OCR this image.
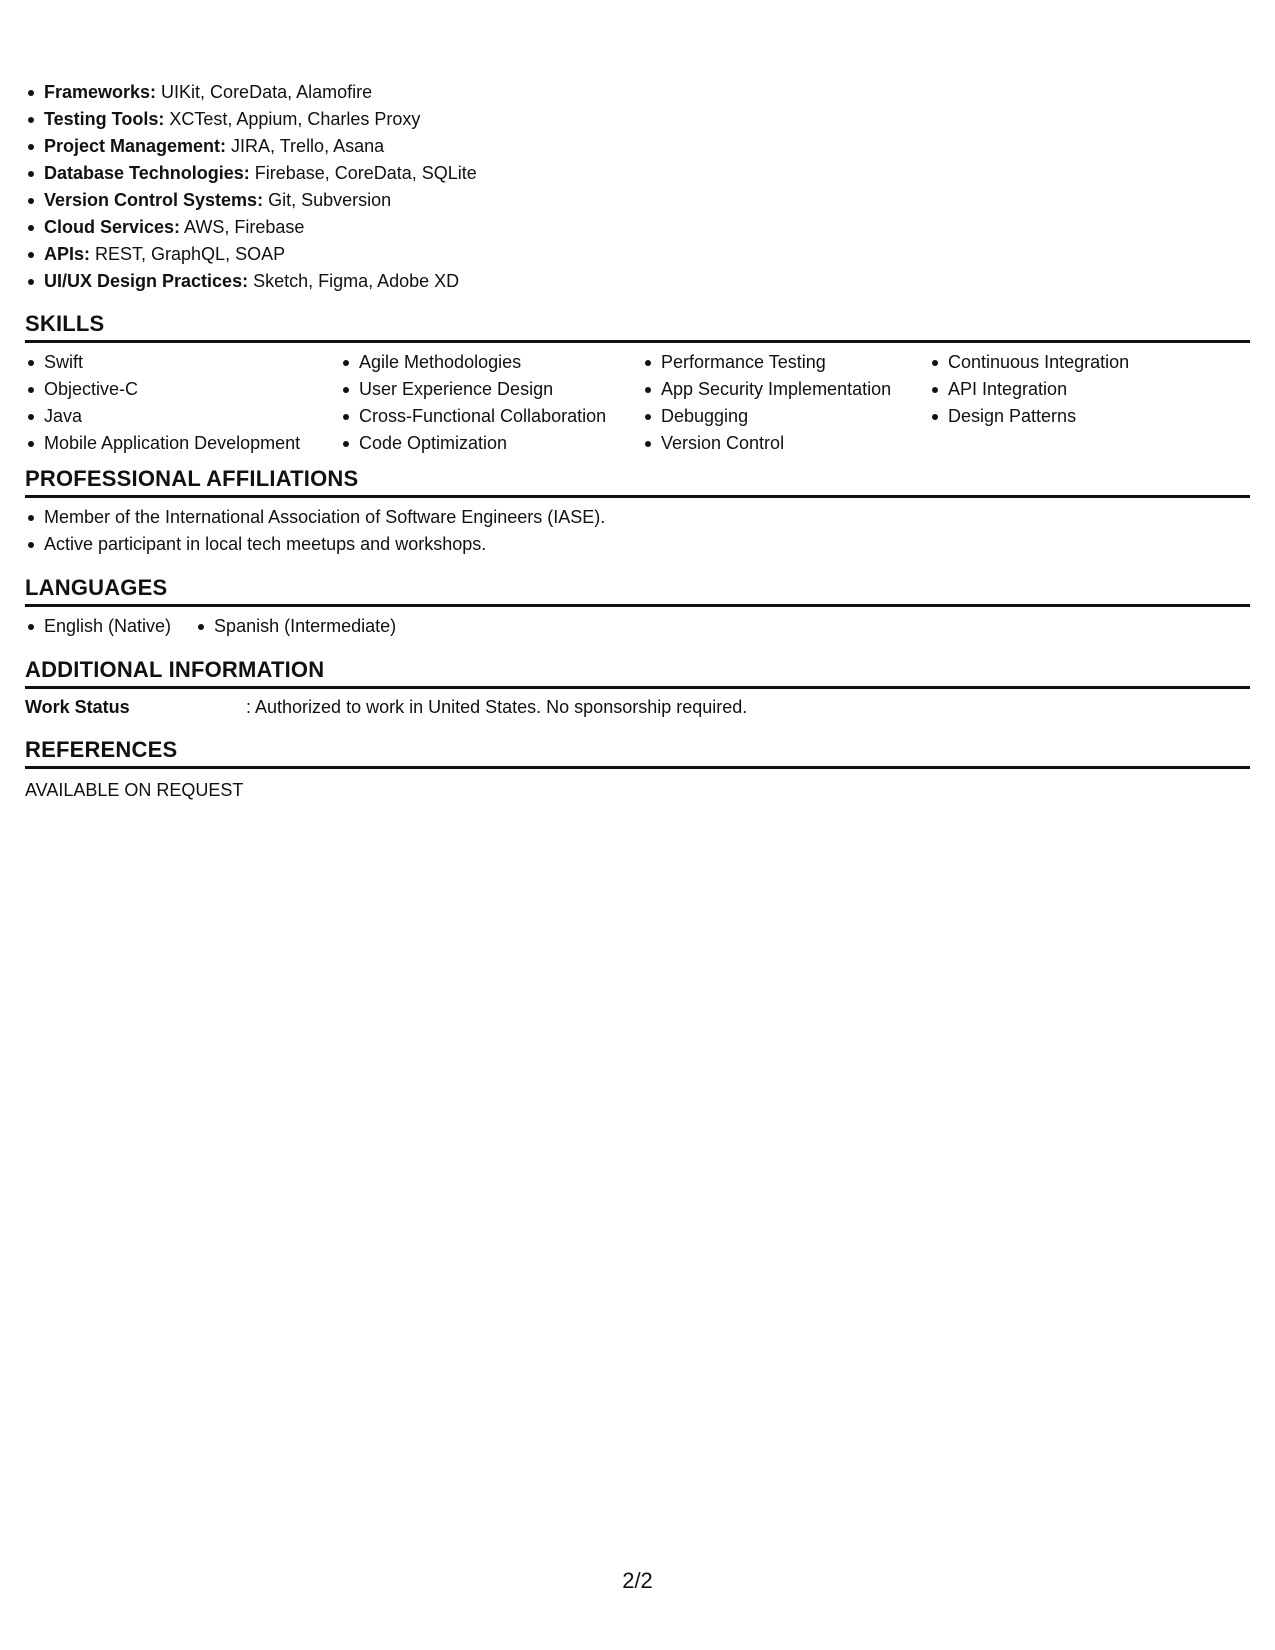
Frameworks: UIKit, CoreData, Alamofire
Testing Tools: XCTest, Appium, Charles Proxy
Project Management: JIRA, Trello, Asana
Database Technologies: Firebase, CoreData, SQLite
Version Control Systems: Git, Subversion
Cloud Services: AWS, Firebase
APIs: REST, GraphQL, SOAP
UI/UX Design Practices: Sketch, Figma, Adobe XD
SKILLS
Swift
Objective-C
Java
Mobile Application Development
Agile Methodologies
User Experience Design
Cross-Functional Collaboration
Code Optimization
Performance Testing
App Security Implementation
Debugging
Version Control
Continuous Integration
API Integration
Design Patterns
PROFESSIONAL AFFILIATIONS
Member of the International Association of Software Engineers (IASE).
Active participant in local tech meetups and workshops.
LANGUAGES
English (Native)	Spanish (Intermediate)
ADDITIONAL INFORMATION
Work Status	: Authorized to work in United States. No sponsorship required.
REFERENCES
AVAILABLE ON REQUEST
2/2
